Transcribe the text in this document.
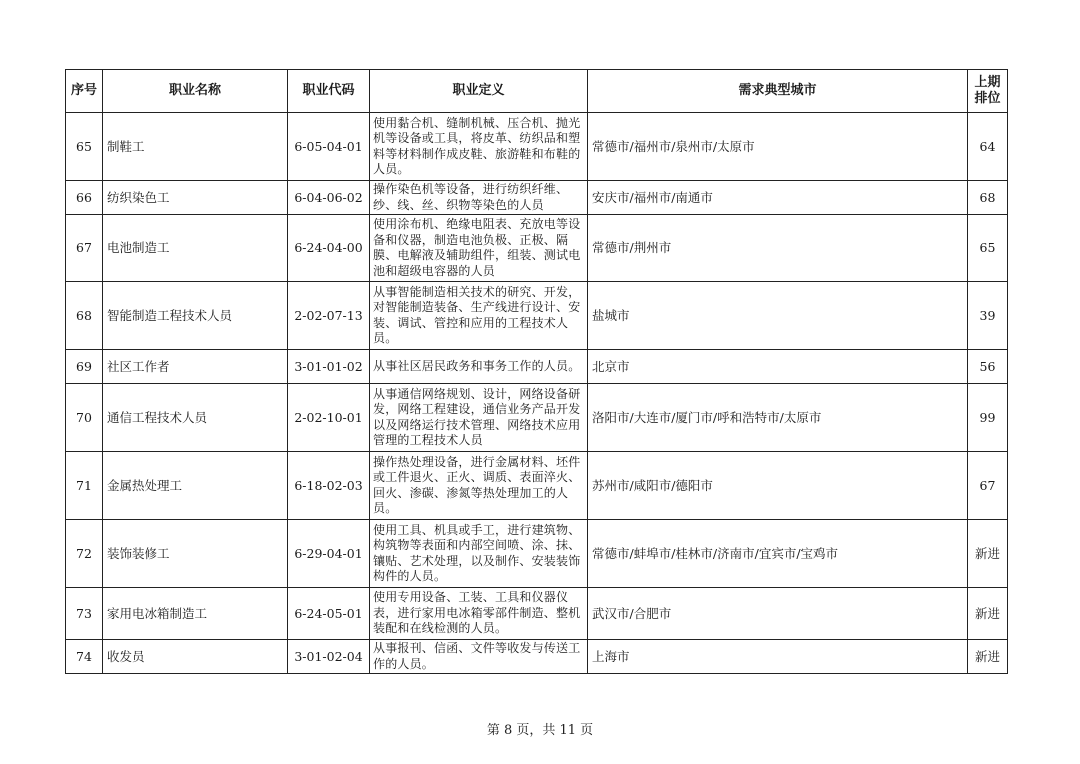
序号	职业名称	职业代码	职业定义	需求典型城市	上期排位
65	制鞋工	6-05-04-01	使用黏合机、缝制机械、压合机、抛光机等设备或工具，将皮革、纺织品和塑料等材料制作成皮鞋、旅游鞋和布鞋的人员。	常德市/福州市/泉州市/太原市	64
66	纺织染色工	6-04-06-02	操作染色机等设备，进行纺织纤维、纱、线、丝、织物等染色的人员	安庆市/福州市/南通市	68
67	电池制造工	6-24-04-00	使用涂布机、绝缘电阻表、充放电等设备和仪器，制造电池负极、正极、隔膜、电解液及辅助组件，组装、测试电池和超级电容器的人员	常德市/荆州市	65
68	智能制造工程技术人员	2-02-07-13	从事智能制造相关技术的研究、开发，对智能制造装备、生产线进行设计、安装、调试、管控和应用的工程技术人员。	盐城市	39
69	社区工作者	3-01-01-02	从事社区居民政务和事务工作的人员。	北京市	56
70	通信工程技术人员	2-02-10-01	从事通信网络规划、设计，网络设备研发，网络工程建设，通信业务产品开发以及网络运行技术管理、网络技术应用管理的工程技术人员	洛阳市/大连市/厦门市/呼和浩特市/太原市	99
71	金属热处理工	6-18-02-03	操作热处理设备，进行金属材料、坯件或工件退火、正火、调质、表面淬火、回火、渗碳、渗氮等热处理加工的人员。	苏州市/咸阳市/德阳市	67
72	装饰装修工	6-29-04-01	使用工具、机具或手工，进行建筑物、构筑物等表面和内部空间喷、涂、抹、镶贴、艺术处理，以及制作、安装装饰构件的人员。	常德市/蚌埠市/桂林市/济南市/宜宾市/宝鸡市	新进
73	家用电冰箱制造工	6-24-05-01	使用专用设备、工装、工具和仪器仪表，进行家用电冰箱零部件制造、整机装配和在线检测的人员。	武汉市/合肥市	新进
74	收发员	3-01-02-04	从事报刊、信函、文件等收发与传送工作的人员。	上海市	新进
第 8 页，共 11 页
